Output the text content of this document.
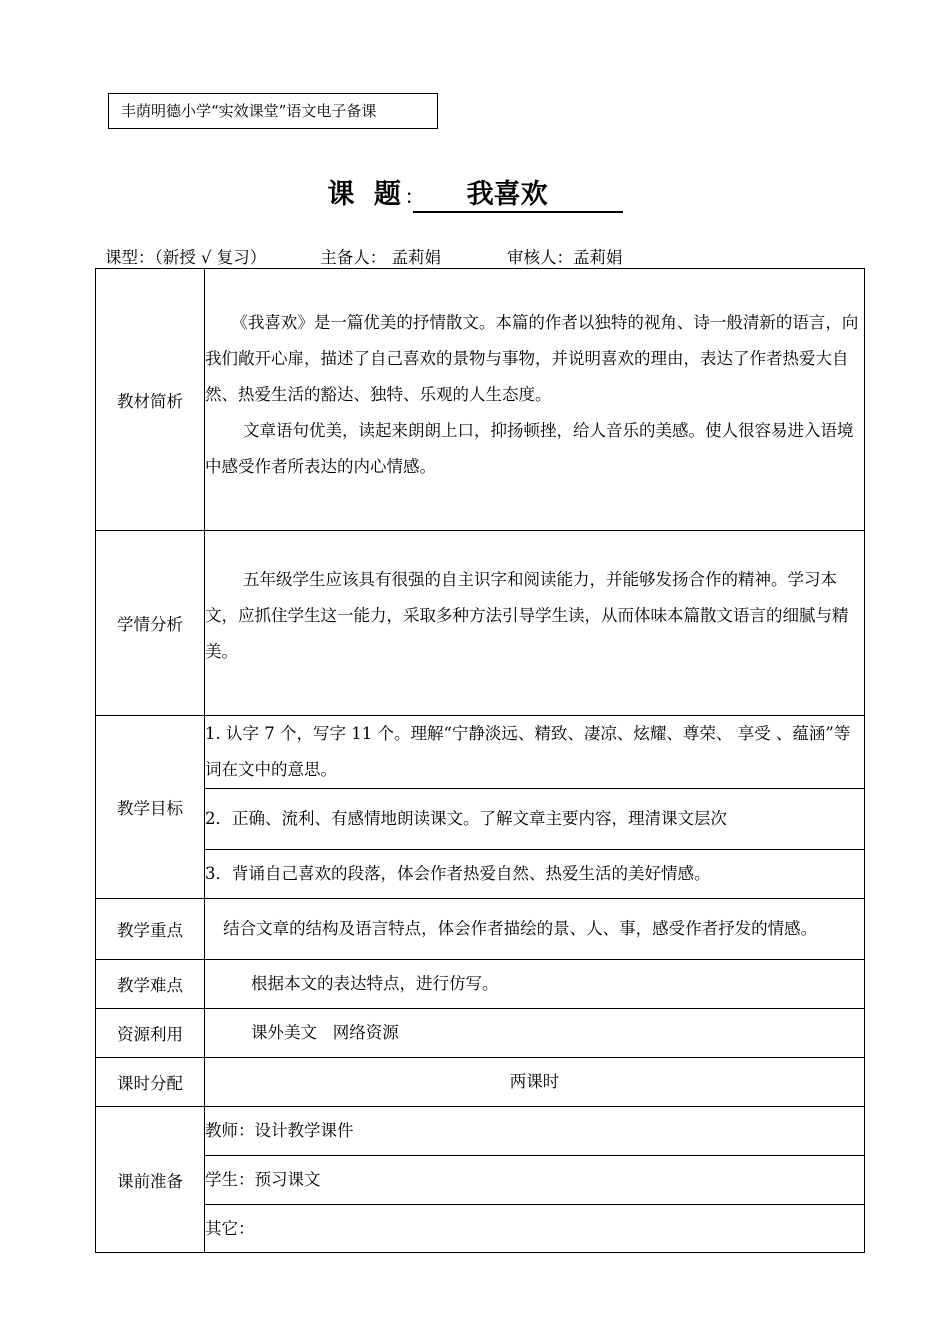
丰荫明德小学“实效课堂”语文电子备课
课 题: 我喜欢
课型：（新授 √ 复习）	主备人： 孟莉娟	审核人：孟莉娟
教材简析	《我喜欢》是一篇优美的抒情散文。本篇的作者以独特的视角、诗一般清新的语言，向我们敞开心扉，描述了自己喜欢的景物与事物，并说明喜欢的理由，表达了作者热爱大自然、热爱生活的豁达、独特、乐观的人生态度。
文章语句优美，读起来朗朗上口，抑扬顿挫，给人音乐的美感。使人很容易进入语境中感受作者所表达的内心情感。

学情分析	五年级学生应该具有很强的自主识字和阅读能力，并能够发扬合作的精神。学习本文，应抓住学生这一能力，采取多种方法引导学生读，从而体味本篇散文语言的细腻与精美。

教学目标	1. 认字 7 个，写字 11 个。理解“宁静淡远、精致、凄凉、炫耀、尊荣、 享受 、蕴涵”等词在文中的意思。
	2．正确、流利、有感情地朗读课文。了解文章主要内容，理清课文层次
	3．背诵自己喜欢的段落，体会作者热爱自然、热爱生活的美好情感。
教学重点	结合文章的结构及语言特点，体会作者描绘的景、人、事，感受作者抒发的情感。
教学难点	根据本文的表达特点，进行仿写。
资源利用	课外美文   网络资源
课时分配	两课时
课前准备	教师：设计教学课件
	学生：预习课文
	其它：
